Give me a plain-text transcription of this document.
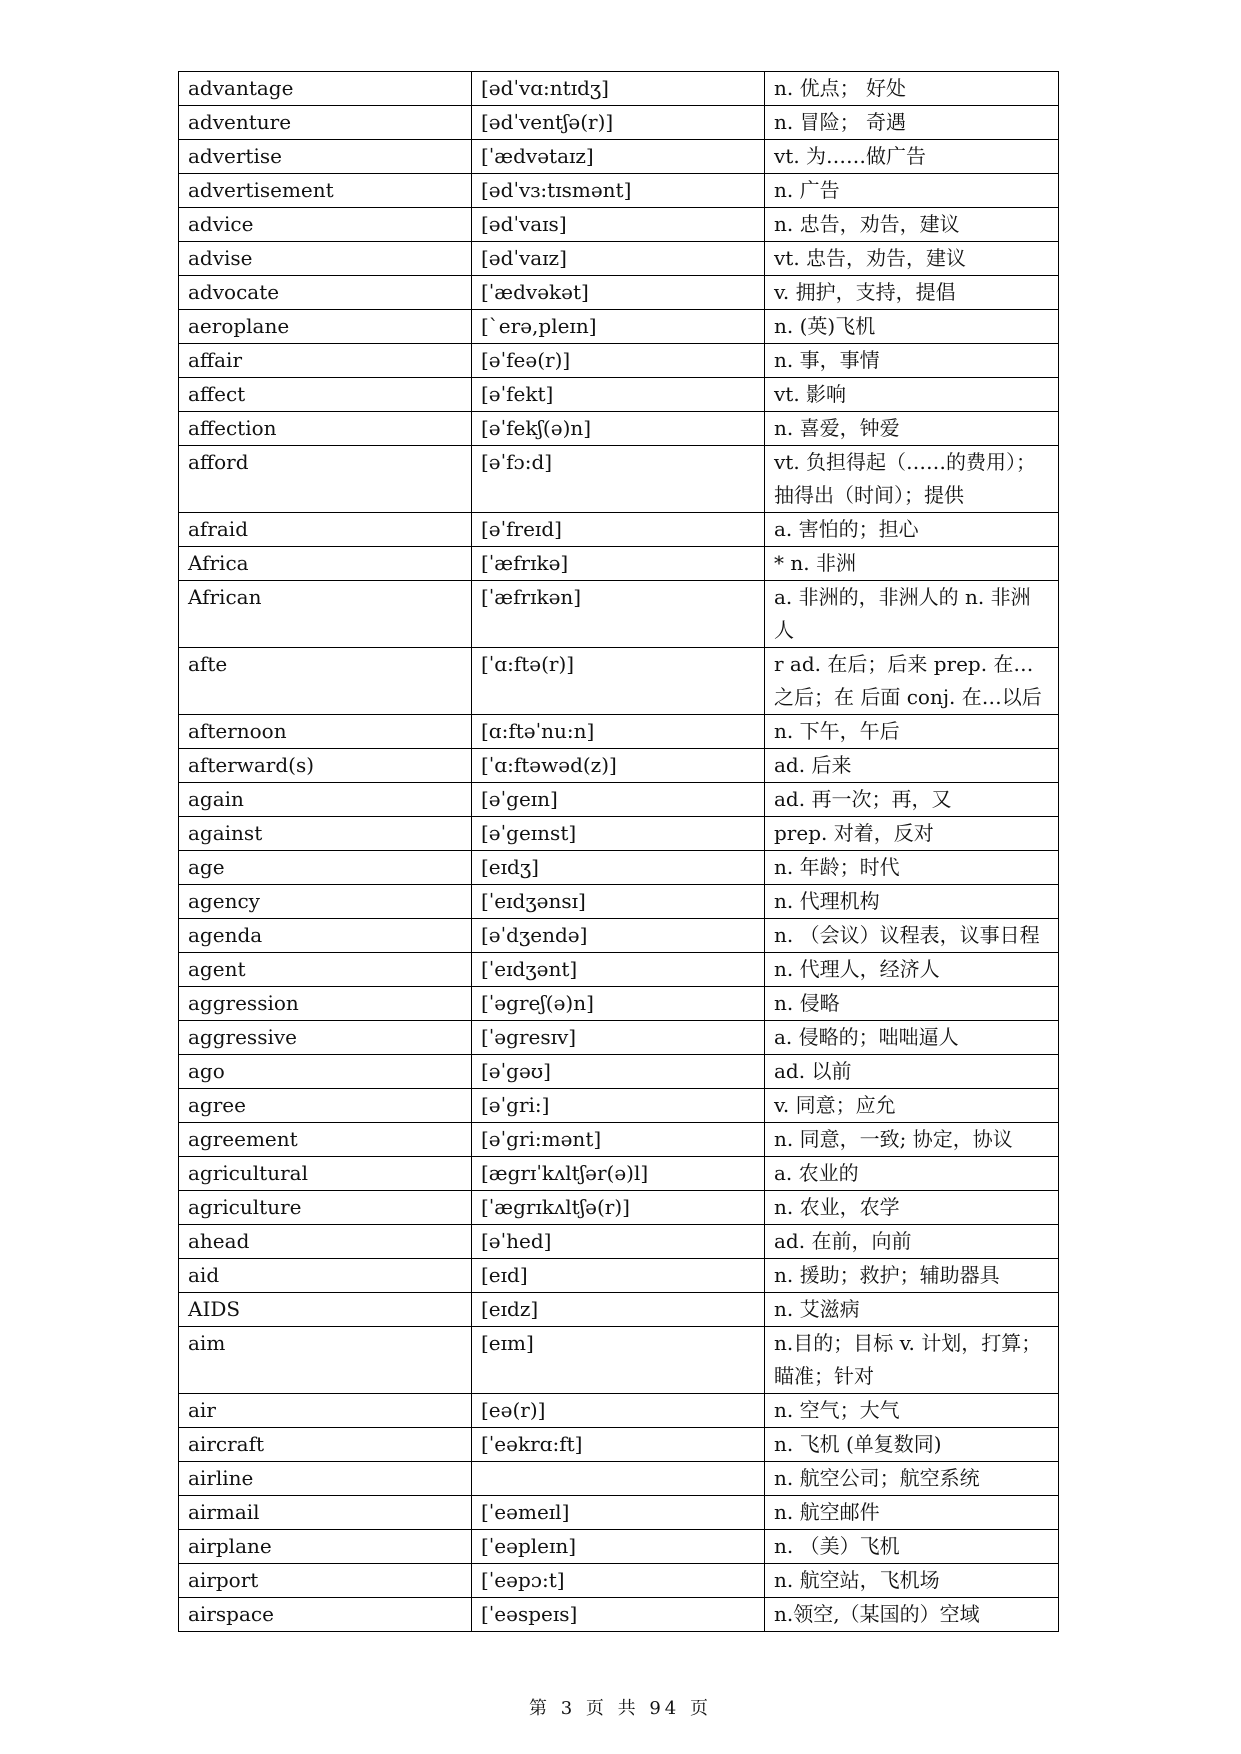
advantage	[ədˈvɑ:ntɪdʒ]	n. 优点； 好处
adventure	[ədˈventʃə(r)]	n. 冒险； 奇遇
advertise	[ˈædvətaɪz]	vt. 为……做广告
advertisement	[ədˈvɜ:tɪsmənt]	n. 广告
advice	[ədˈvaɪs]	n. 忠告，劝告，建议
advise	[ədˈvaɪz]	vt. 忠告，劝告，建议
advocate	[ˈædvəkət]	v. 拥护，支持，提倡
aeroplane	[`erə,pleɪn]	n. (英)飞机
affair	[əˈfeə(r)]	n. 事，事情
affect	[əˈfekt]	vt. 影响
affection	[əˈfekʃ(ə)n]	n. 喜爱，钟爱
afford	[əˈfɔ:d]	vt. 负担得起（……的费用）；抽得出（时间）；提供
afraid	[əˈfreɪd]	a. 害怕的；担心
Africa	[ˈæfrɪkə]	* n. 非洲
African	[ˈæfrɪkən]	a. 非洲的，非洲人的 n. 非洲人
afte	[ˈɑ:ftə(r)]	r ad. 在后；后来 prep. 在…之后；在 后面 conj. 在…以后
afternoon	[ɑ:ftəˈnu:n]	n. 下午，午后
afterward(s)	[ˈɑ:ftəwəd(z)]	ad. 后来
again	[əˈgeɪn]	ad. 再一次；再，又
against	[əˈgeɪnst]	prep. 对着，反对
age	[eɪdʒ]	n. 年龄；时代
agency	[ˈeɪdʒənsɪ]	n. 代理机构
agenda	[əˈdʒendə]	n. （会议）议程表，议事日程
agent	[ˈeɪdʒənt]	n. 代理人，经济人
aggression	[ˈəgreʃ(ə)n]	n. 侵略
aggressive	[ˈəgresɪv]	a. 侵略的；咄咄逼人
ago	[əˈgəʊ]	ad. 以前
agree	[əˈgri:]	v. 同意；应允
agreement	[əˈgri:mənt]	n. 同意，一致; 协定，协议
agricultural	[ægrɪˈkʌltʃər(ə)l]	a. 农业的
agriculture	[ˈægrɪkʌltʃə(r)]	n. 农业，农学
ahead	[əˈhed]	ad. 在前，向前
aid	[eɪd]	n. 援助；救护；辅助器具
AIDS	[eɪdz]	n. 艾滋病
aim	[eɪm]	n.目的；目标 v. 计划，打算；瞄准；针对
air	[eə(r)]	n. 空气；大气
aircraft	[ˈeəkrɑ:ft]	n. 飞机 (单复数同)
airline		n. 航空公司；航空系统
airmail	[ˈeəmeɪl]	n. 航空邮件
airplane	[ˈeəpleɪn]	n. （美）飞机
airport	[ˈeəpɔ:t]	n. 航空站，飞机场
airspace	[ˈeəspeɪs]	n.领空,（某国的）空域
第 3 页 共 94 页
